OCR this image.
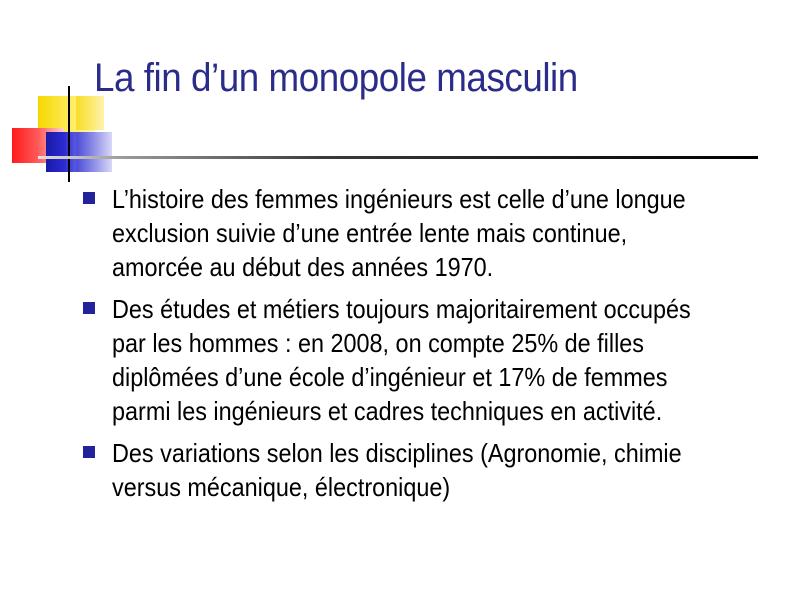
La fin d’un monopole masculin
L’histoire des femmes ingénieurs est celle d’une longue
exclusion suivie d’une entrée lente mais continue,
amorcée au début des années 1970.
Des études et métiers toujours majoritairement occupés
par les hommes : en 2008, on compte 25% de filles
diplômées d’une école d’ingénieur et 17% de femmes
parmi les ingénieurs et cadres techniques en activité.
Des variations selon les disciplines (Agronomie, chimie
versus mécanique, électronique)
